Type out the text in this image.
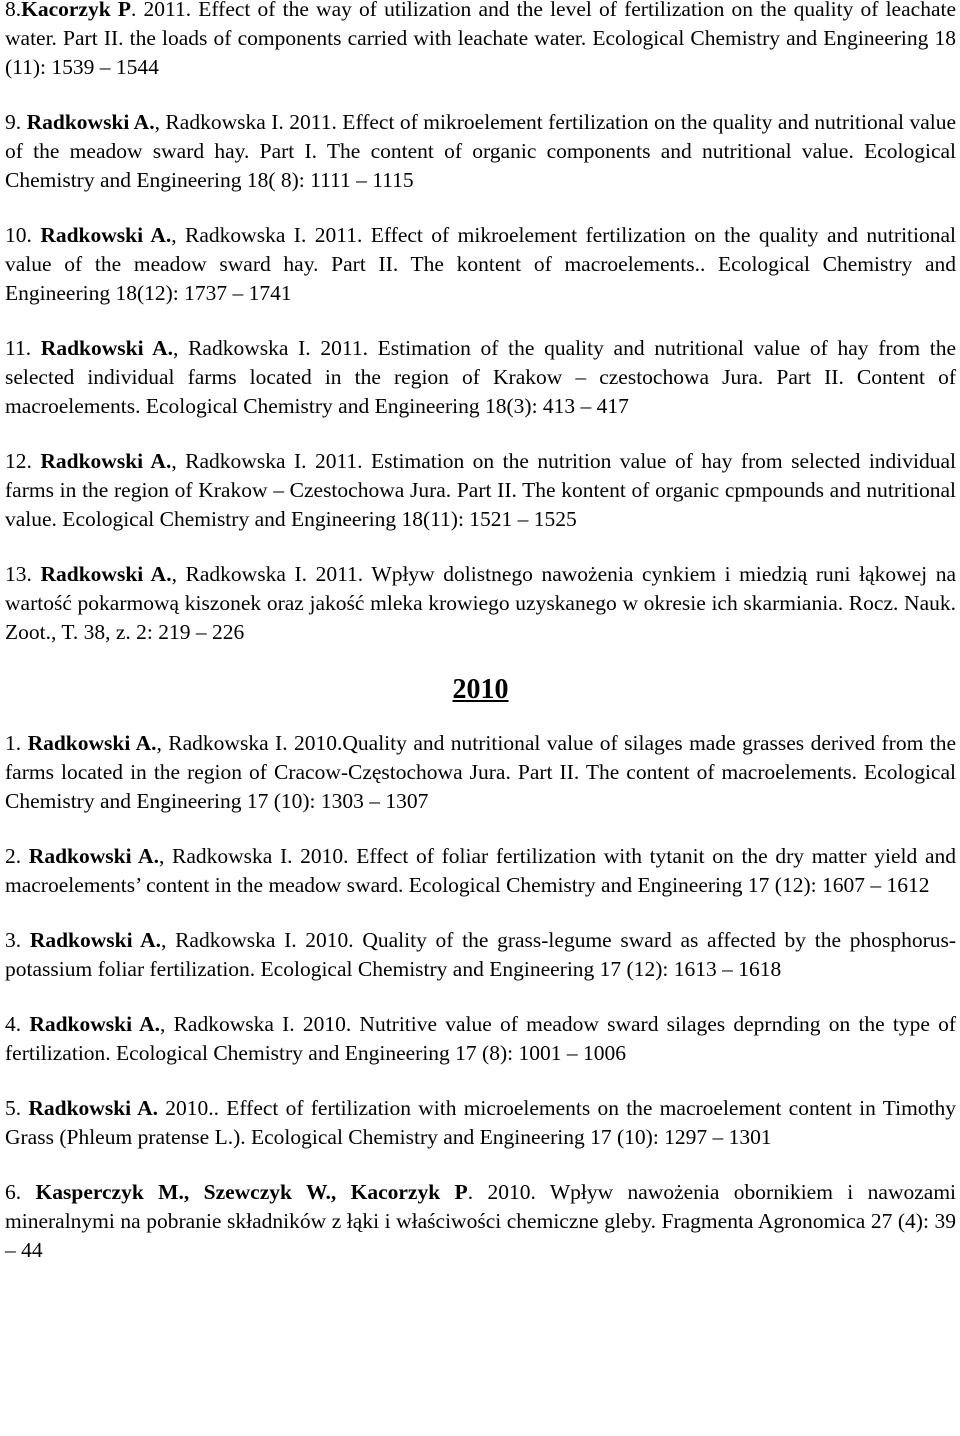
8.Kacorzyk P. 2011. Effect of the way of utilization and the level of fertilization on the quality of leachate water. Part II. the loads of components carried with leachate water. Ecological Chemistry and Engineering 18 (11): 1539 – 1544

9. Radkowski A., Radkowska I. 2011. Effect of mikroelement fertilization on the quality and nutritional value of the meadow sward hay. Part I. The content of organic components and nutritional value. Ecological Chemistry and Engineering 18( 8): 1111 – 1115

10. Radkowski A., Radkowska I. 2011. Effect of mikroelement fertilization on the quality and nutritional value of the meadow sward hay. Part II. The kontent of macroelements.. Ecological Chemistry and Engineering 18(12): 1737 – 1741

11. Radkowski A., Radkowska I. 2011. Estimation of the quality and nutritional value of hay from the selected individual farms located in the region of Krakow – czestochowa Jura. Part II. Content of macroelements. Ecological Chemistry and Engineering 18(3): 413 – 417

12. Radkowski A., Radkowska I. 2011. Estimation on the nutrition value of hay from selected individual farms in the region of Krakow – Czestochowa Jura. Part II. The kontent of organic cpmpounds and nutritional value. Ecological Chemistry and Engineering 18(11): 1521 – 1525

13. Radkowski A., Radkowska I. 2011. Wpływ dolistnego nawożenia cynkiem i miedzią runi łąkowej na wartość pokarmową kiszonek oraz jakość mleka krowiego uzyskanego w okresie ich skarmiania. Rocz. Nauk. Zoot., T. 38, z. 2: 219 – 226

2010

1. Radkowski A., Radkowska I. 2010.Quality and nutritional value of silages made grasses derived from the farms located in the region of Cracow-Częstochowa Jura. Part II. The content of macroelements. Ecological Chemistry and Engineering 17 (10): 1303 – 1307

2. Radkowski A., Radkowska I. 2010. Effect of foliar fertilization with tytanit on the dry matter yield and macroelements’ content in the meadow sward. Ecological Chemistry and Engineering 17 (12): 1607 – 1612

3. Radkowski A., Radkowska I. 2010. Quality of the grass-legume sward as affected by the phosphorus-potassium foliar fertilization. Ecological Chemistry and Engineering 17 (12): 1613 – 1618

4. Radkowski A., Radkowska I. 2010. Nutritive value of meadow sward silages deprnding on the type of fertilization. Ecological Chemistry and Engineering 17 (8): 1001 – 1006

5. Radkowski A. 2010.. Effect of fertilization with microelements on the macroelement content in Timothy Grass (Phleum pratense L.). Ecological Chemistry and Engineering 17 (10): 1297 – 1301

6. Kasperczyk M., Szewczyk W., Kacorzyk P. 2010. Wpływ nawożenia obornikiem i nawozami mineralnymi na pobranie składników z łąki i właściwości chemiczne gleby. Fragmenta Agronomica 27 (4): 39 – 44
